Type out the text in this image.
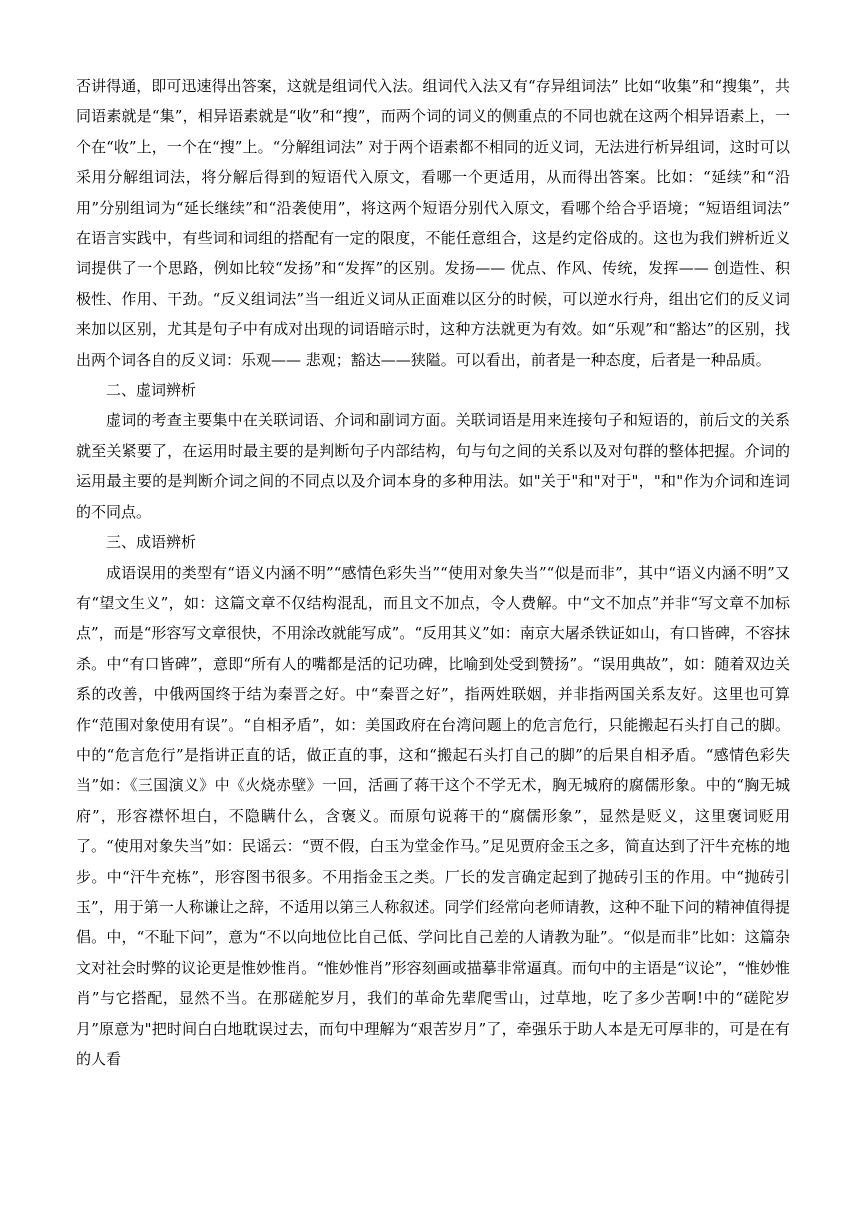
否讲得通，即可迅速得出答案，这就是组词代入法。组词代入法又有“存异组词法” 比如“收集”和“搜集”，共同语素就是“集”，相异语素就是“收”和“搜”，而两个词的词义的侧重点的不同也就在这两个相异语素上，一个在“收”上，一个在“搜”上。“分解组词法” 对于两个语素都不相同的近义词，无法进行析异组词，这时可以采用分解组词法，将分解后得到的短语代入原文，看哪一个更适用，从而得出答案。比如：“延续”和“沿用”分别组词为“延长继续”和“沿袭使用”，将这两个短语分别代入原文，看哪个给合乎语境；“短语组词法” 在语言实践中，有些词和词组的搭配有一定的限度，不能任意组合，这是约定俗成的。这也为我们辨析近义词提供了一个思路，例如比较“发扬”和“发挥”的区别。发扬—— 优点、作风、传统，发挥—— 创造性、积极性、作用、干劲。“反义组词法”当一组近义词从正面难以区分的时候，可以逆水行舟，组出它们的反义词来加以区别，尤其是句子中有成对出现的词语暗示时，这种方法就更为有效。如“乐观”和“豁达”的区别，找出两个词各自的反义词：乐观—— 悲观；豁达——狭隘。可以看出，前者是一种态度，后者是一种品质。

二、虚词辨析

虚词的考查主要集中在关联词语、介词和副词方面。关联词语是用来连接句子和短语的，前后文的关系就至关紧要了，在运用时最主要的是判断句子内部结构，句与句之间的关系以及对句群的整体把握。介词的运用最主要的是判断介词之间的不同点以及介词本身的多种用法。如"关于"和"对于"，"和"作为介词和连词的不同点。

三、成语辨析

成语误用的类型有“语义内涵不明”“感情色彩失当”“使用对象失当”“似是而非”，其中“语义内涵不明”又有“望文生义”，如：这篇文章不仅结构混乱，而且文不加点，令人费解。中“文不加点”并非“写文章不加标点”，而是“形容写文章很快，不用涂改就能写成”。“反用其义”如：南京大屠杀铁证如山，有口皆碑，不容抹杀。中“有口皆碑”，意即“所有人的嘴都是活的记功碑，比喻到处受到赞扬”。“误用典故”，如：随着双边关系的改善，中俄两国终于结为秦晋之好。中“秦晋之好”，指两姓联姻，并非指两国关系友好。这里也可算作“范围对象使用有误”。“自相矛盾”，如：美国政府在台湾问题上的危言危行，只能搬起石头打自己的脚。中的“危言危行”是指讲正直的话，做正直的事，这和“搬起石头打自己的脚”的后果自相矛盾。“感情色彩失当”如：《三国演义》中《火烧赤壁》一回，活画了蒋干这个不学无术，胸无城府的腐儒形象。中的“胸无城府”，形容襟怀坦白，不隐瞒什么，含褒义。而原句说蒋干的“腐儒形象”，显然是贬义，这里褒词贬用了。“使用对象失当”如：民谣云：“贾不假，白玉为堂金作马。”足见贾府金玉之多，简直达到了汗牛充栋的地步。中“汗牛充栋”，形容图书很多。不用指金玉之类。厂长的发言确定起到了抛砖引玉的作用。中“抛砖引玉”，用于第一人称谦让之辞，不适用以第三人称叙述。同学们经常向老师请教，这种不耻下问的精神值得提倡。中，“不耻下问”，意为“不以向地位比自己低、学问比自己差的人请教为耻”。“似是而非”比如：这篇杂文对社会时弊的议论更是惟妙惟肖。“惟妙惟肖”形容刻画或描摹非常逼真。而句中的主语是“议论”，“惟妙惟肖”与它搭配，显然不当。在那磋舵岁月，我们的革命先辈爬雪山，过草地，吃了多少苦啊!中的“磋陀岁月”原意为"把时间白白地耽误过去，而句中理解为“艰苦岁月”了，牵强乐于助人本是无可厚非的，可是在有的人看
